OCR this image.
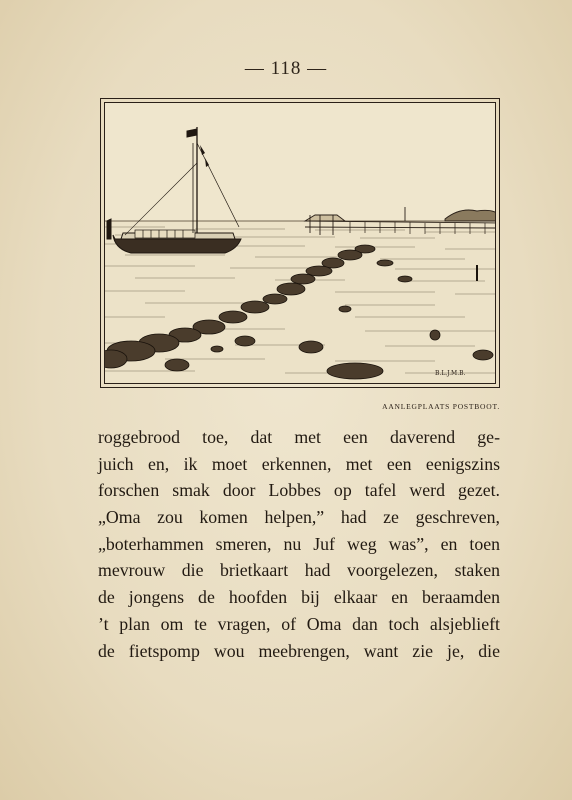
— 118 —
B.L.J.M.B.
AANLEGPLAATS POSTBOOT.
roggebrood toe, dat met een daverend ge-
juich en, ik moet erkennen, met een eenigszins
forschen smak door Lobbes op tafel werd gezet.
„Oma zou komen helpen,” had ze geschreven,
„boterhammen smeren, nu Juf weg was”, en toen
mevrouw die brietkaart had voorgelezen, staken
de jongens de hoofden bij elkaar en beraamden
’t plan om te vragen, of Oma dan toch alsjeblieft
de fietspomp wou meebrengen, want zie je, die
